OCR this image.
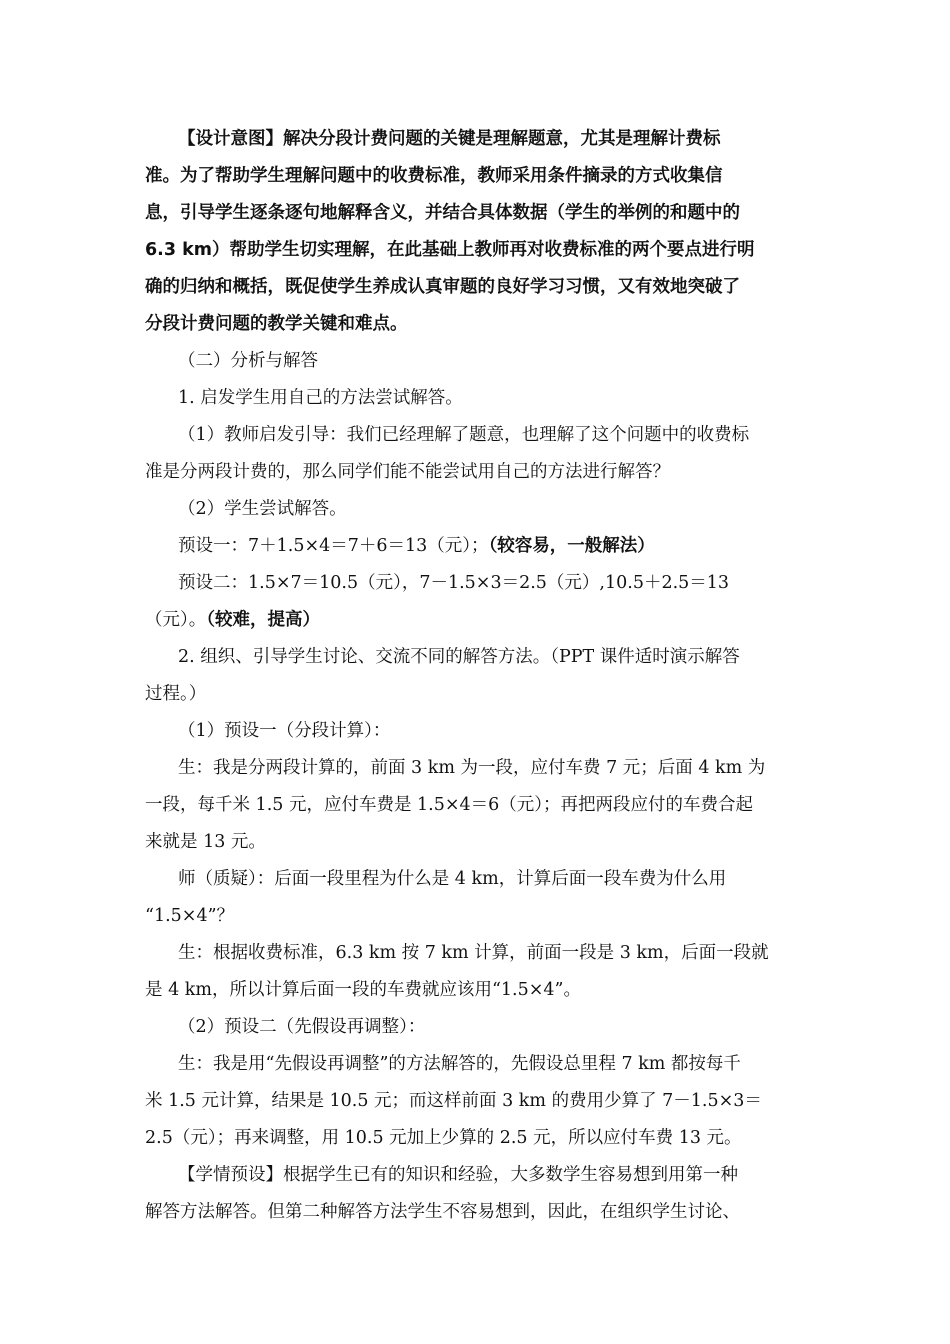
【设计意图】解决分段计费问题的关键是理解题意，尤其是理解计费标
准。为了帮助学生理解问题中的收费标准，教师采用条件摘录的方式收集信
息，引导学生逐条逐句地解释含义，并结合具体数据（学生的举例的和题中的
6.3 km）帮助学生切实理解，在此基础上教师再对收费标准的两个要点进行明
确的归纳和概括，既促使学生养成认真审题的良好学习习惯，又有效地突破了
分段计费问题的教学关键和难点。
（二）分析与解答
1. 启发学生用自己的方法尝试解答。
（1）教师启发引导：我们已经理解了题意，也理解了这个问题中的收费标
准是分两段计费的，那么同学们能不能尝试用自己的方法进行解答？
（2）学生尝试解答。
预设一：7＋1.5×4＝7＋6＝13（元）；（较容易，一般解法）
预设二：1.5×7＝10.5（元），7－1.5×3＝2.5（元）,10.5＋2.5＝13
（元）。（较难，提高）
2. 组织、引导学生讨论、交流不同的解答方法。（PPT 课件适时演示解答
过程。）
（1）预设一（分段计算）：
生：我是分两段计算的，前面 3 km 为一段，应付车费 7 元；后面 4 km 为
一段，每千米 1.5 元，应付车费是 1.5×4＝6（元）；再把两段应付的车费合起
来就是 13 元。
师（质疑）：后面一段里程为什么是 4 km，计算后面一段车费为什么用
“1.5×4”？
生：根据收费标准，6.3 km 按 7 km 计算，前面一段是 3 km，后面一段就
是 4 km，所以计算后面一段的车费就应该用“1.5×4”。
（2）预设二（先假设再调整）：
生：我是用“先假设再调整”的方法解答的，先假设总里程 7 km 都按每千
米 1.5 元计算，结果是 10.5 元；而这样前面 3 km 的费用少算了 7－1.5×3＝
2.5（元）；再来调整，用 10.5 元加上少算的 2.5 元，所以应付车费 13 元。
【学情预设】根据学生已有的知识和经验，大多数学生容易想到用第一种
解答方法解答。但第二种解答方法学生不容易想到，因此，在组织学生讨论、
